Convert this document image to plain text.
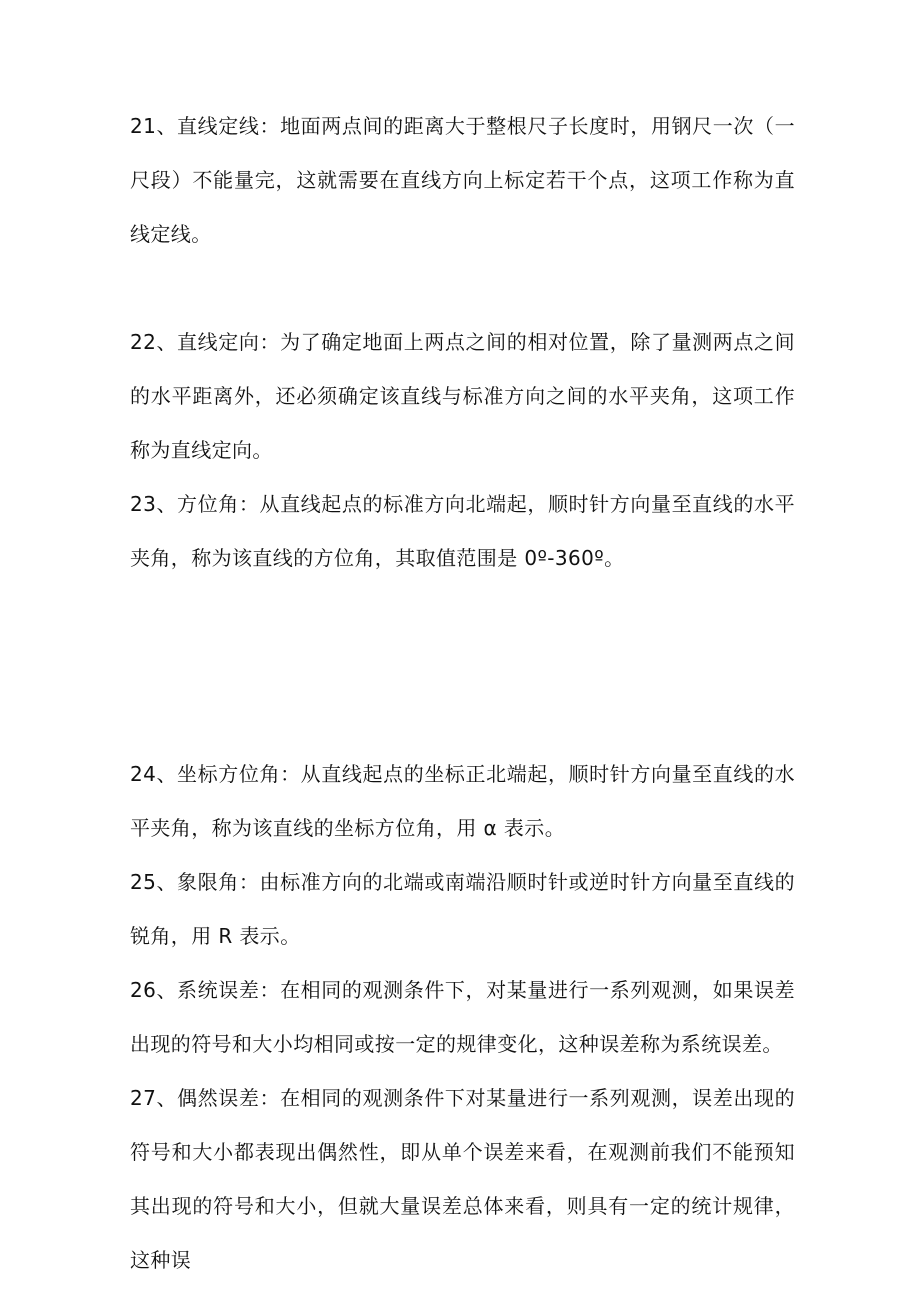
21、直线定线：地面两点间的距离大于整根尺子长度时，用钢尺一次（一尺段）不能量完，这就需要在直线方向上标定若干个点，这项工作称为直线定线。

22、直线定向：为了确定地面上两点之间的相对位置，除了量测两点之间的水平距离外，还必须确定该直线与标准方向之间的水平夹角，这项工作称为直线定向。

23、方位角：从直线起点的标准方向北端起，顺时针方向量至直线的水平夹角，称为该直线的方位角，其取值范围是 0º-360º。

24、坐标方位角：从直线起点的坐标正北端起，顺时针方向量至直线的水平夹角，称为该直线的坐标方位角，用 α 表示。

25、象限角：由标准方向的北端或南端沿顺时针或逆时针方向量至直线的锐角，用 R 表示。

26、系统误差：在相同的观测条件下，对某量进行一系列观测，如果误差出现的符号和大小均相同或按一定的规律变化，这种误差称为系统误差。

27、偶然误差：在相同的观测条件下对某量进行一系列观测，误差出现的符号和大小都表现出偶然性，即从单个误差来看，在观测前我们不能预知其出现的符号和大小，但就大量误差总体来看，则具有一定的统计规律，这种误
